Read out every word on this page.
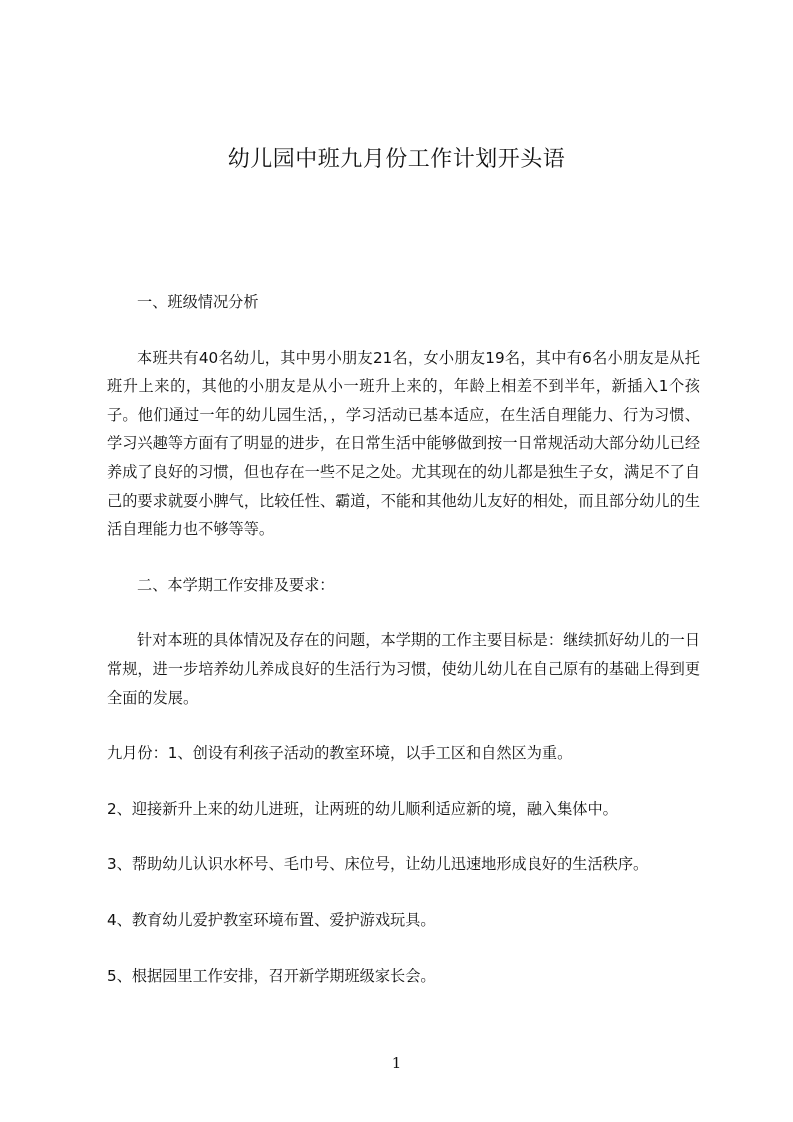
幼儿园中班九月份工作计划开头语

一、班级情况分析

本班共有40名幼儿，其中男小朋友21名，女小朋友19名，其中有6名小朋友是从托班升上来的，其他的小朋友是从小一班升上来的，年龄上相差不到半年，新插入1个孩子。他们通过一年的幼儿园生活，，学习活动已基本适应，在生活自理能力、行为习惯、学习兴趣等方面有了明显的进步，在日常生活中能够做到按一日常规活动大部分幼儿已经养成了良好的习惯，但也存在一些不足之处。尤其现在的幼儿都是独生子女，满足不了自己的要求就耍小脾气，比较任性、霸道，不能和其他幼儿友好的相处，而且部分幼儿的生活自理能力也不够等等。

二、本学期工作安排及要求：

针对本班的具体情况及存在的问题，本学期的工作主要目标是：继续抓好幼儿的一日常规，进一步培养幼儿养成良好的生活行为习惯，使幼儿幼儿在自己原有的基础上得到更全面的发展。

九月份：1、创设有利孩子活动的教室环境，以手工区和自然区为重。

2、迎接新升上来的幼儿进班，让两班的幼儿顺利适应新的境，融入集体中。

3、帮助幼儿认识水杯号、毛巾号、床位号，让幼儿迅速地形成良好的生活秩序。

4、教育幼儿爱护教室环境布置、爱护游戏玩具。

5、根据园里工作安排，召开新学期班级家长会。

1
